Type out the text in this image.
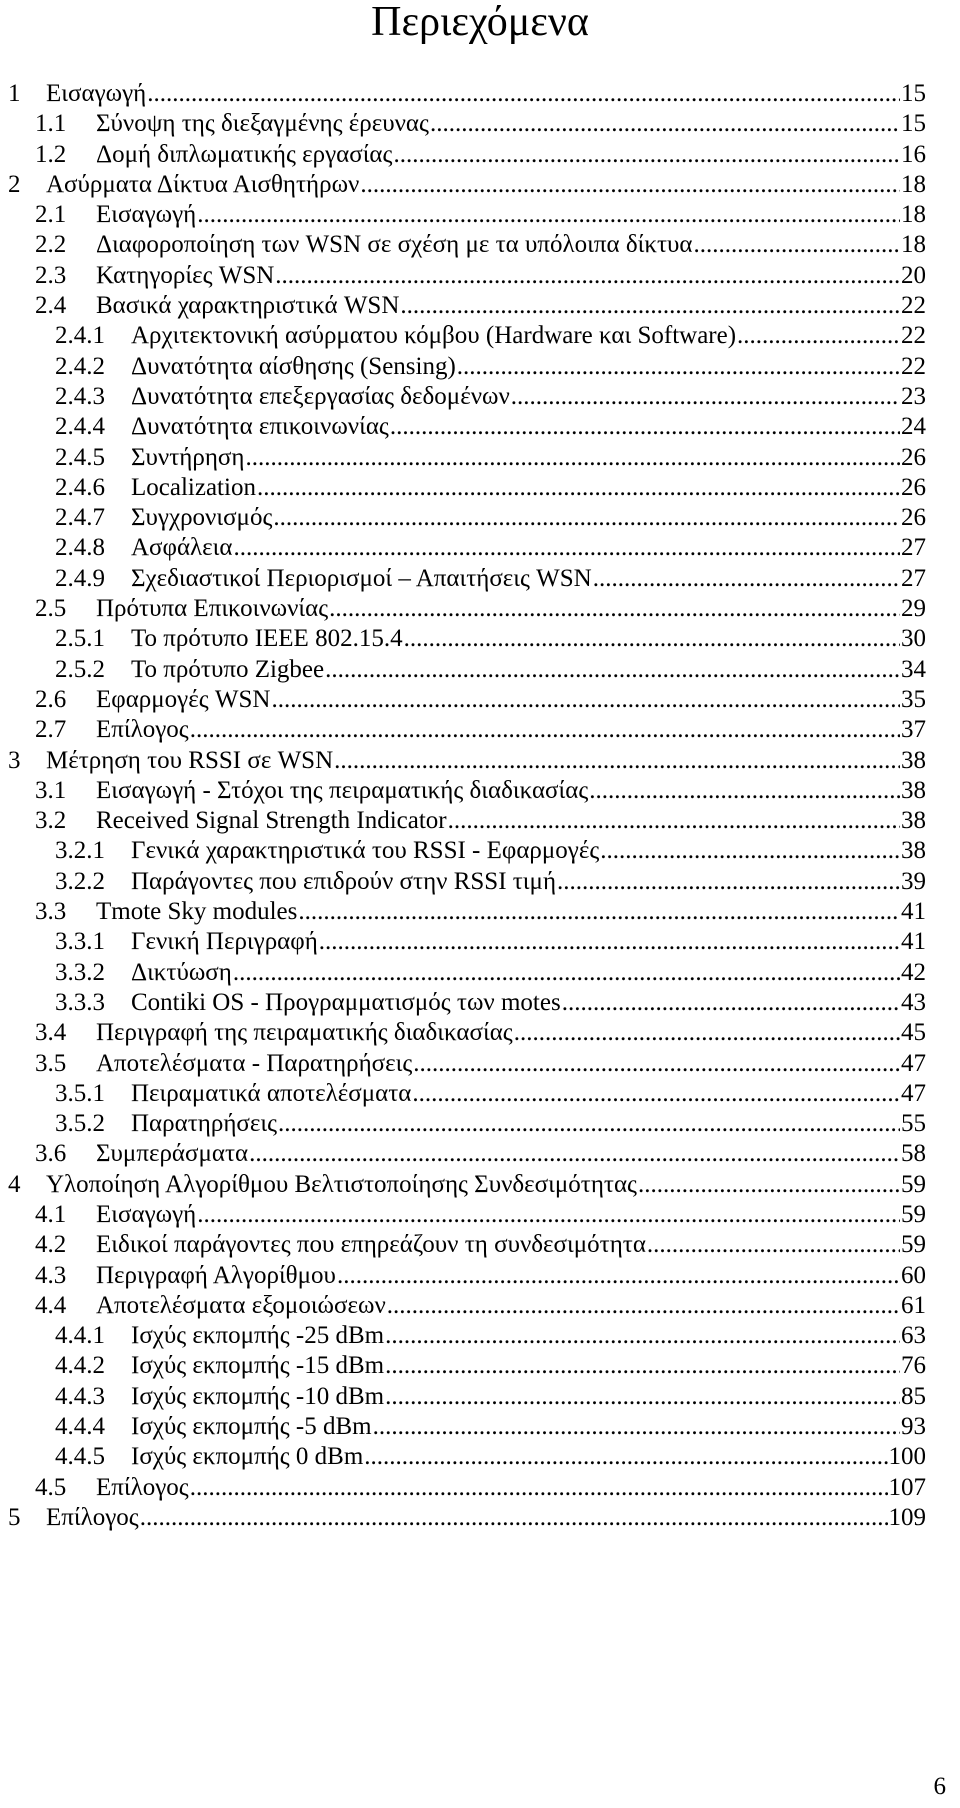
Περιεχόμενα
1 Εισαγωγή .....	15
1.1 Σύνοψη της διεξαγμένης έρευνας .....	15
1.2 Δομή διπλωματικής εργασίας .....	16
2 Ασύρματα Δίκτυα Αισθητήρων .....	18
2.1 Εισαγωγή .....	18
2.2 Διαφοροποίηση των WSN σε σχέση με τα υπόλοιπα δίκτυα .....	18
2.3 Κατηγορίες WSN .....	20
2.4 Βασικά χαρακτηριστικά WSN .....	22
2.4.1 Αρχιτεκτονική ασύρματου κόμβου (Hardware και Software) .....	22
2.4.2 Δυνατότητα αίσθησης (Sensing) .....	22
2.4.3 Δυνατότητα επεξεργασίας δεδομένων .....	23
2.4.4 Δυνατότητα επικοινωνίας .....	24
2.4.5 Συντήρηση .....	26
2.4.6 Localization .....	26
2.4.7 Συγχρονισμός .....	26
2.4.8 Ασφάλεια .....	27
2.4.9 Σχεδιαστικοί Περιορισμοί – Απαιτήσεις WSN .....	27
2.5 Πρότυπα Επικοινωνίας .....	29
2.5.1 Το πρότυπο IEEE 802.15.4 .....	30
2.5.2 Το πρότυπο Zigbee .....	34
2.6 Εφαρμογές WSN .....	35
2.7 Επίλογος .....	37
3 Μέτρηση του RSSI σε WSN .....	38
3.1 Εισαγωγή - Στόχοι της πειραματικής διαδικασίας .....	38
3.2 Received Signal Strength Indicator .....	38
3.2.1 Γενικά χαρακτηριστικά του RSSI - Εφαρμογές .....	38
3.2.2 Παράγοντες που επιδρούν στην RSSI τιμή .....	39
3.3 Tmote Sky modules .....	41
3.3.1 Γενική Περιγραφή .....	41
3.3.2 Δικτύωση .....	42
3.3.3 Contiki OS - Προγραμματισμός των motes .....	43
3.4 Περιγραφή της πειραματικής διαδικασίας .....	45
3.5 Αποτελέσματα - Παρατηρήσεις .....	47
3.5.1 Πειραματικά αποτελέσματα .....	47
3.5.2 Παρατηρήσεις .....	55
3.6 Συμπεράσματα .....	58
4 Υλοποίηση Αλγορίθμου Βελτιστοποίησης Συνδεσιμότητας .....	59
4.1 Εισαγωγή .....	59
4.2 Ειδικοί παράγοντες που επηρεάζουν τη συνδεσιμότητα .....	59
4.3 Περιγραφή Αλγορίθμου .....	60
4.4 Αποτελέσματα εξομοιώσεων .....	61
4.4.1 Ισχύς εκπομπής -25 dBm .....	63
4.4.2 Ισχύς εκπομπής -15 dBm .....	76
4.4.3 Ισχύς εκπομπής -10 dBm .....	85
4.4.4 Ισχύς εκπομπής -5 dBm .....	93
4.4.5 Ισχύς εκπομπής 0 dBm .....	100
4.5 Επίλογος .....	107
5 Επίλογος .....	109
6
